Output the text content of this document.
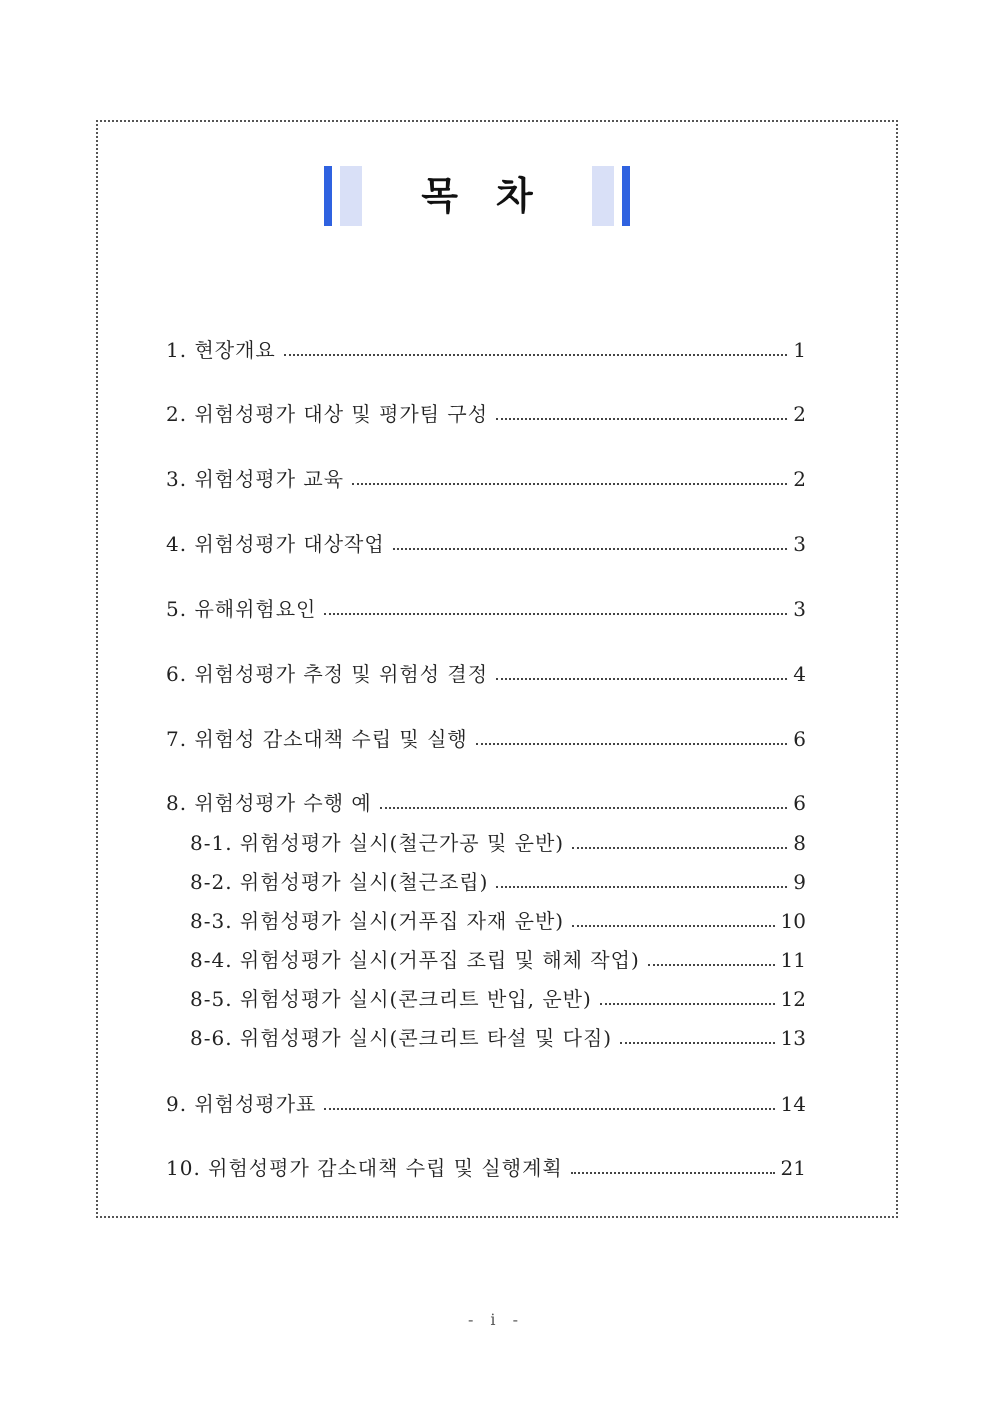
목차
1. 현장개요	1
2. 위험성평가 대상 및 평가팀 구성	2
3. 위험성평가 교육	2
4. 위험성평가 대상작업	3
5. 유해위험요인	3
6. 위험성평가 추정 및 위험성 결정	4
7. 위험성 감소대책 수립 및 실행	6
8. 위험성평가 수행 예	6
8-1. 위험성평가 실시(철근가공 및 운반)	8
8-2. 위험성평가 실시(철근조립)	9
8-3. 위험성평가 실시(거푸집 자재 운반)	10
8-4. 위험성평가 실시(거푸집 조립 및 해체 작업)	11
8-5. 위험성평가 실시(콘크리트 반입, 운반)	12
8-6. 위험성평가 실시(콘크리트 타설 및 다짐)	13
9. 위험성평가표	14
10. 위험성평가 감소대책 수립 및 실행계획	21
- i -
